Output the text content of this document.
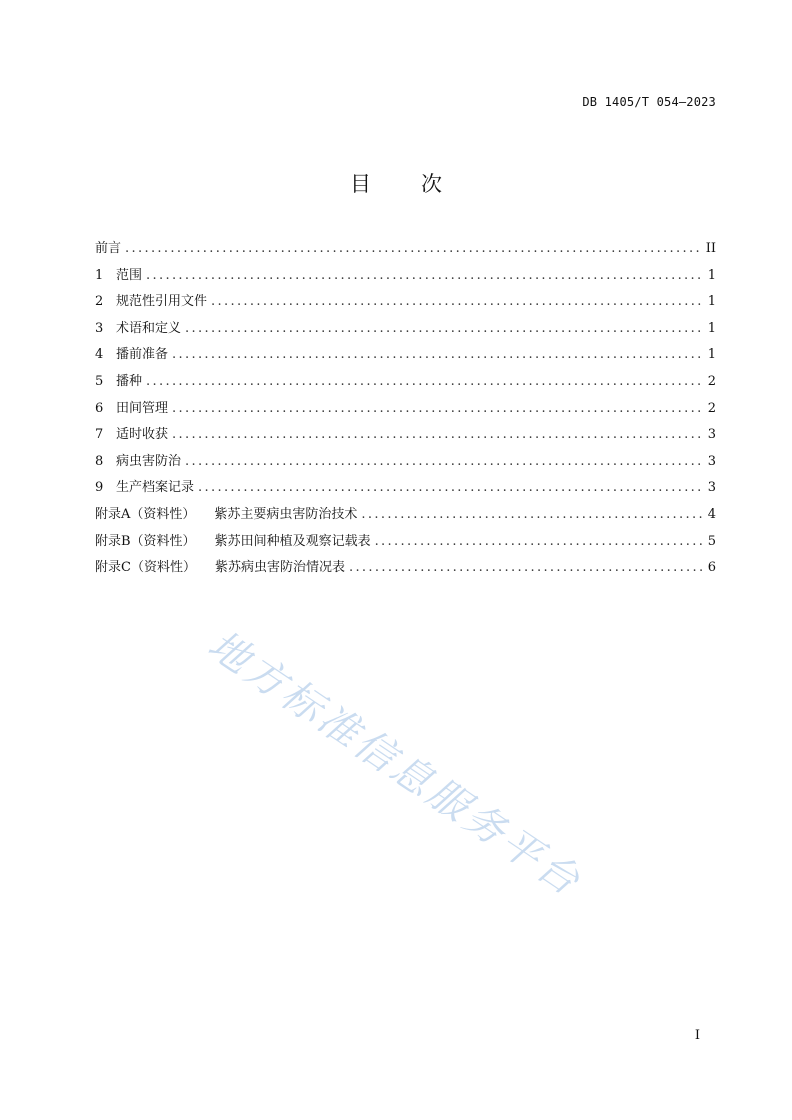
DB 1405/T 054—2023
目次
前言 .....	II
1 范围 .....	1
2 规范性引用文件 .....	1
3 术语和定义 .....	1
4 播前准备 .....	1
5 播种 .....	2
6 田间管理 .....	2
7 适时收获 .....	3
8 病虫害防治 .....	3
9 生产档案记录 .....	3
附录A（资料性） 紫苏主要病虫害防治技术 .....	4
附录B（资料性） 紫苏田间种植及观察记载表 .....	5
附录C（资料性） 紫苏病虫害防治情况表 .....	6
地方标准信息服务平台
I
